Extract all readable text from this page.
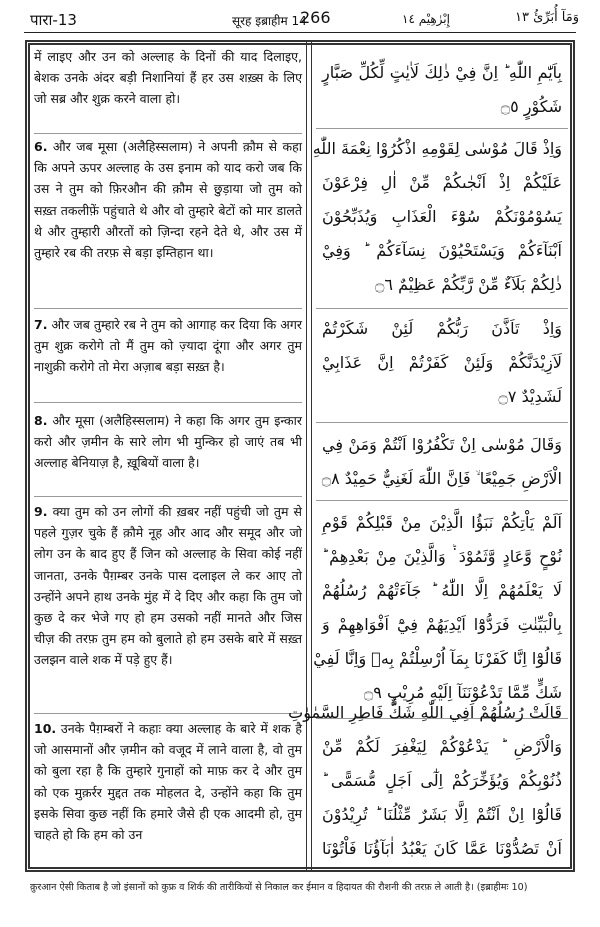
पारा-13	सूरह इब्राहीम 14
266	إِبْرٰهِيْم ١٤	وَمَآ أُبَرِّئُ ١٣

में लाइए और उन को अल्लाह के दिनों की याद दिलाइए, बेशक उनके अंदर बड़ी निशानियां हैं हर उस शख़्स के लिए जो सब्र और शुक्र करने वाला हो।

6. और जब मूसा (अलैहिस्सलाम) ने अपनी क़ौम से कहा कि अपने ऊपर अल्लाह के उस इनाम को याद करो जब कि उस ने तुम को फ़िरऔन की क़ौम से छुड़ाया जो तुम को सख़्त तकलीफ़ें पहुंचाते थे और वो तुम्हारे बेटों को मार डालते थे और तुम्हारी औरतों को ज़िन्दा रहने देते थे, और उस में तुम्हारे रब की तरफ़ से बड़ा इम्तिहान था।

7. और जब तुम्हारे रब ने तुम को आगाह कर दिया कि अगर तुम शुक्र करोगे तो मैं तुम को ज़्यादा दूंगा और अगर तुम नाशुक्री करोगे तो मेरा अज़ाब बड़ा सख़्त है।

8. और मूसा (अलैहिस्सलाम) ने कहा कि अगर तुम इन्कार करो और ज़मीन के सारे लोग भी मुन्किर हो जाएं तब भी अल्लाह बेनियाज़ है, ख़ूबियों वाला है।

9. क्या तुम को उन लोगों की ख़बर नहीं पहुंची जो तुम से पहले गुज़र चुके हैं क़ौमे नूह और आद और समूद और जो लोग उन के बाद हुए हैं जिन को अल्लाह के सिवा कोई नहीं जानता, उनके पैग़म्बर उनके पास दलाइल ले कर आए तो उन्होंने अपने हाथ उनके मुंह में दे दिए और कहा कि तुम जो कुछ दे कर भेजे गए हो हम उसको नहीं मानते और जिस चीज़ की तरफ़ तुम हम को बुलाते हो हम उसके बारे में सख़्त उलझन वाले शक में पड़े हुए हैं।

10. उनके पैग़म्बरों ने कहाः क्या अल्लाह के बारे में शक है जो आसमानों और ज़मीन को वजूद में लाने वाला है, वो तुम को बुला रहा है कि तुम्हारे गुनाहों को माफ़ कर दे और तुम को एक मुक़र्रर मुद्दत तक मोहलत दे, उन्होंने कहा कि तुम इसके सिवा कुछ नहीं कि हमारे जैसे ही एक आदमी हो, तुम चाहते हो कि हम को उन

بِاَيّٰمِ اللّٰهِ ؕ اِنَّ فِيْ ذٰلِكَ لَاٰيٰتٍ لِّكُلِّ صَبَّارٍ
شَكُوْرٍ ۝٥
وَاِذْ قَالَ مُوْسٰى لِقَوْمِهِ اذْكُرُوْا نِعْمَةَ اللّٰهِ
عَلَيْكُمْ اِذْ اَنْجٰىكُمْ مِّنْ اٰلِ فِرْعَوْنَ
يَسُوْمُوْنَكُمْ سُوْٓءَ الْعَذَابِ وَيُذَبِّحُوْنَ
اَبْنَآءَكُمْ وَيَسْتَحْيُوْنَ نِسَآءَكُمْ ؕ وَفِيْ
ذٰلِكُمْ بَلَآءٌ مِّنْ رَّبِّكُمْ عَظِيْمٌ ۝٦
وَاِذْ تَاَذَّنَ رَبُّكُمْ لَئِنْ شَكَرْتُمْ
لَاَزِيْدَنَّكُمْ وَلَئِنْ كَفَرْتُمْ اِنَّ عَذَابِيْ
لَشَدِيْدٌ ۝٧
وَقَالَ مُوْسٰى اِنْ تَكْفُرُوْا اَنْتُمْ وَمَنْ فِي
الْاَرْضِ جَمِيْعًا ۙ فَاِنَّ اللّٰهَ لَغَنِيٌّ حَمِيْدٌ ۝٨
اَلَمْ يَاْتِكُمْ نَبَؤُا الَّذِيْنَ مِنْ قَبْلِكُمْ قَوْمِ
نُوْحٍ وَّعَادٍ وَّثَمُوْدَ ۬ؕ وَالَّذِيْنَ مِنْ بَعْدِهِمْ ؕ
لَا يَعْلَمُهُمْ اِلَّا اللّٰهُ ؕ جَآءَتْهُمْ رُسُلُهُمْ
بِالْبَيِّنٰتِ فَرَدُّوْٓا اَيْدِيَهُمْ فِيْٓ اَفْوَاهِهِمْ وَ
قَالُوْٓا اِنَّا كَفَرْنَا بِمَآ اُرْسِلْتُمْ بِهٖ وَاِنَّا لَفِيْ
شَكٍّ مِّمَّا تَدْعُوْنَنَآ اِلَيْهِ مُرِيْبٍ ۝٩
قَالَتْ رُسُلُهُمْ اَفِي اللّٰهِ شَكٌّ فَاطِرِ السَّمٰوٰتِ
وَالْاَرْضِ ؕ يَدْعُوْكُمْ لِيَغْفِرَ لَكُمْ مِّنْ
ذُنُوْبِكُمْ وَيُؤَخِّرَكُمْ اِلٰٓى اَجَلٍ مُّسَمًّى ؕ
قَالُوْٓا اِنْ اَنْتُمْ اِلَّا بَشَرٌ مِّثْلُنَا ؕ تُرِيْدُوْنَ
اَنْ تَصُدُّوْنَا عَمَّا كَانَ يَعْبُدُ اٰبَآؤُنَا فَاْتُوْنَا
क़ुरआन ऐसी किताब है जो इंसानों को कुफ्र व शिर्क की तारीकियों से निकाल कर ईमान व हिदायत की रौशनी की तरफ़ ले आती है। (इब्राहीमः 10)
